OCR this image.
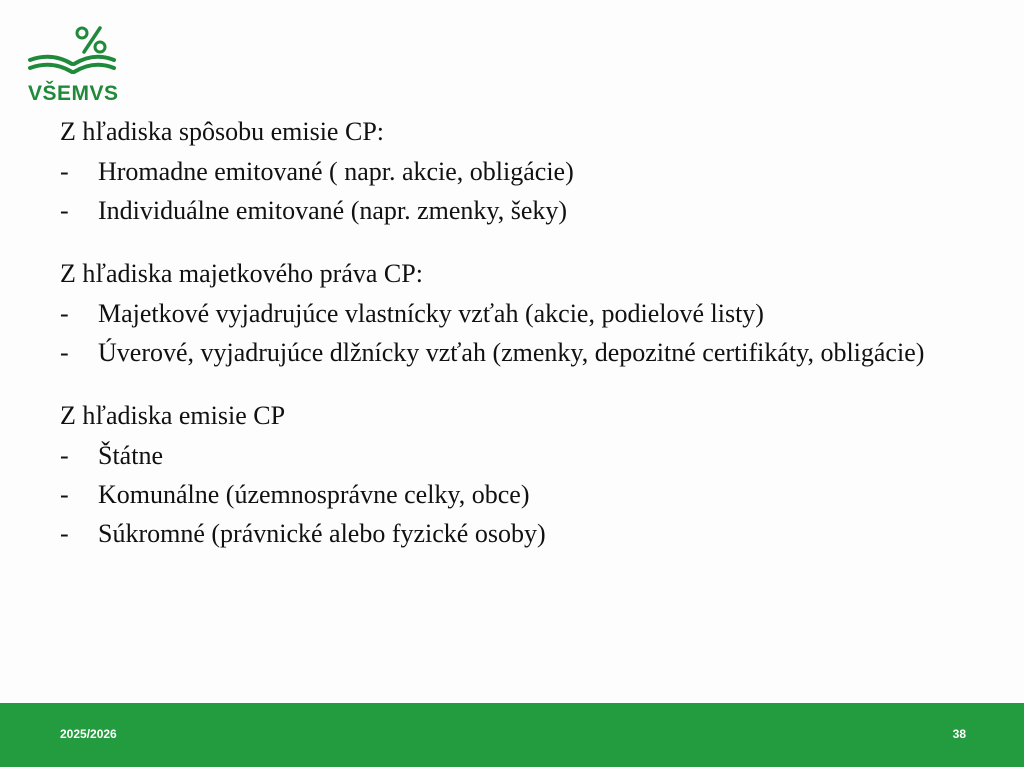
VŠEMVS
Z hľadiska spôsobu emisie CP:
-	Hromadne emitované ( napr. akcie, obligácie)
-	Individuálne emitované (napr. zmenky, šeky)
Z hľadiska majetkového práva CP:
-	Majetkové vyjadrujúce vlastnícky vzťah (akcie, podielové listy)
-	Úverové, vyjadrujúce dlžnícky vzťah (zmenky, depozitné certifikáty, obligácie)
Z hľadiska emisie CP
-	Štátne
-	Komunálne (územnosprávne celky, obce)
-	Súkromné (právnické alebo fyzické osoby)
2025/2026	38
